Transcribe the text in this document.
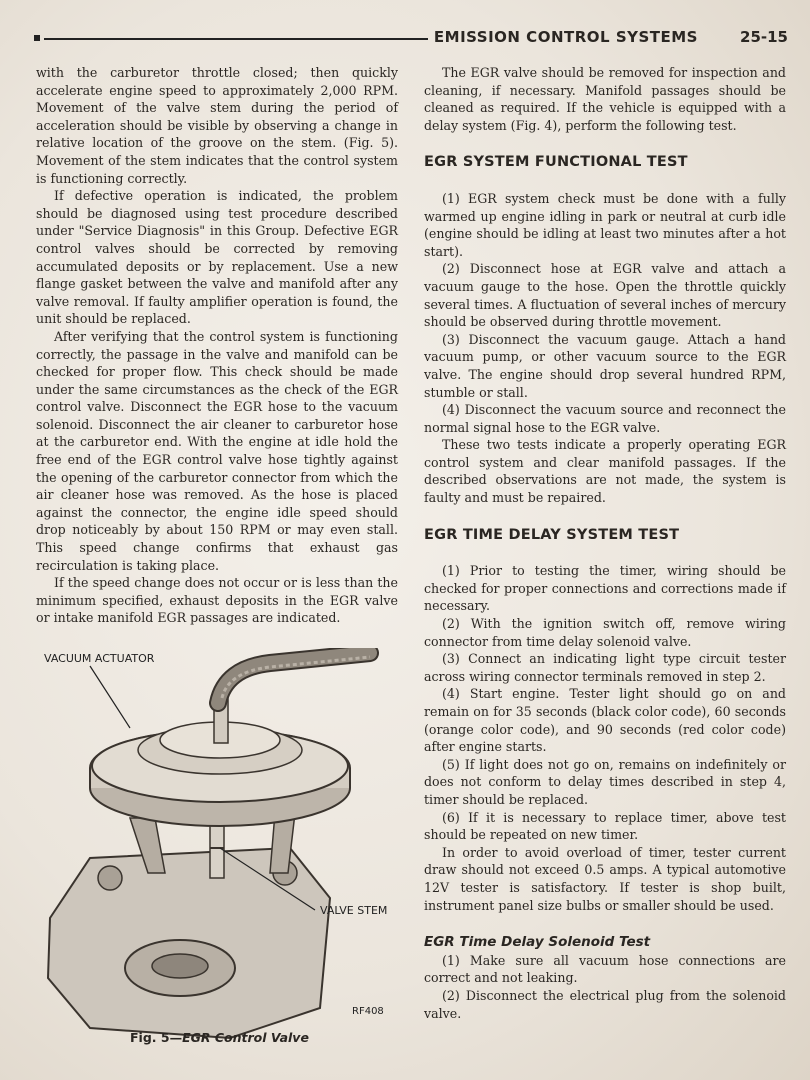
EMISSION CONTROL SYSTEMS	25-15

with the carburetor throttle closed; then quickly accelerate engine speed to approximately 2,000 RPM. Movement of the valve stem during the period of acceleration should be visible by observing a change in relative location of the groove on the stem. (Fig. 5). Movement of the stem indicates that the control system is functioning correctly.

If defective operation is indicated, the problem should be diagnosed using test procedure described under "Service Diagnosis" in this Group. Defective EGR control valves should be corrected by removing accumulated deposits or by replacement. Use a new flange gasket between the valve and manifold after any valve removal. If faulty amplifier operation is found, the unit should be replaced.

After verifying that the control system is functioning correctly, the passage in the valve and manifold can be checked for proper flow. This check should be made under the same circumstances as the check of the EGR control valve. Disconnect the EGR hose to the vacuum solenoid. Disconnect the air cleaner to carburetor hose at the carburetor end. With the engine at idle hold the free end of the EGR control valve hose tightly against the opening of the carburetor connector from which the air cleaner hose was removed. As the hose is placed against the connector, the engine idle speed should drop noticeably by about 150 RPM or may even stall. This speed change confirms that exhaust gas recirculation is taking place.

If the speed change does not occur or is less than the minimum specified, exhaust deposits in the EGR valve or intake manifold EGR passages are indicated.

VACUUM ACTUATOR
VALVE STEM
RF408
Fig. 5—EGR Control Valve

The EGR valve should be removed for inspection and cleaning, if necessary. Manifold passages should be cleaned as required. If the vehicle is equipped with a delay system (Fig. 4), perform the following test.

EGR SYSTEM FUNCTIONAL TEST

(1) EGR system check must be done with a fully warmed up engine idling in park or neutral at curb idle (engine should be idling at least two minutes after a hot start).

(2) Disconnect hose at EGR valve and attach a vacuum gauge to the hose. Open the throttle quickly several times. A fluctuation of several inches of mercury should be observed during throttle movement.

(3) Disconnect the vacuum gauge. Attach a hand vacuum pump, or other vacuum source to the EGR valve. The engine should drop several hundred RPM, stumble or stall.

(4) Disconnect the vacuum source and reconnect the normal signal hose to the EGR valve.

These two tests indicate a properly operating EGR control system and clear manifold passages. If the described observations are not made, the system is faulty and must be repaired.

EGR TIME DELAY SYSTEM TEST

(1) Prior to testing the timer, wiring should be checked for proper connections and corrections made if necessary.

(2) With the ignition switch off, remove wiring connector from time delay solenoid valve.

(3) Connect an indicating light type circuit tester across wiring connector terminals removed in step 2.

(4) Start engine. Tester light should go on and remain on for 35 seconds (black color code), 60 seconds (orange color code), and 90 seconds (red color code) after engine starts.

(5) If light does not go on, remains on indefinitely or does not conform to delay times described in step 4, timer should be replaced.

(6) If it is necessary to replace timer, above test should be repeated on new timer.

In order to avoid overload of timer, tester current draw should not exceed 0.5 amps. A typical automotive 12V tester is satisfactory. If tester is shop built, instrument panel size bulbs or smaller should be used.

EGR Time Delay Solenoid Test

(1) Make sure all vacuum hose connections are correct and not leaking.

(2) Disconnect the electrical plug from the solenoid valve.
